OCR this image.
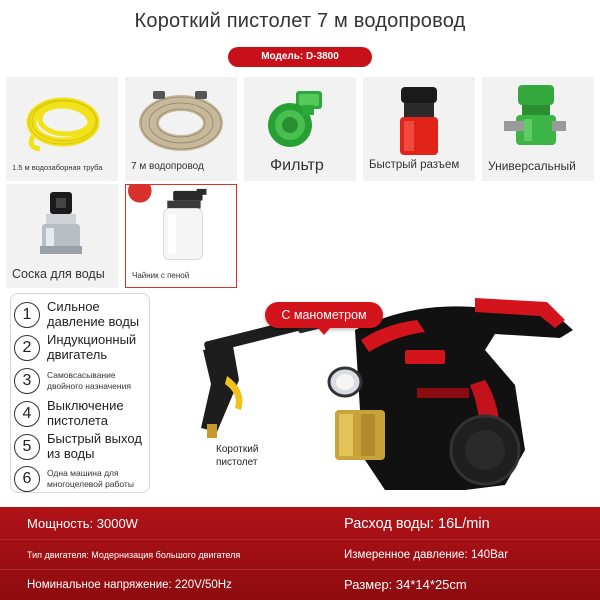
Короткий пистолет 7 м водопровод
Модель: D-3800
1.5 м водозаборная труба	7 м водопровод	Фильтр	Быстрый разъем	Универсальный
Соска для воды	Чайник с пеной
1	Сильное давление воды
2	Индукционный двигатель
3	Самовсасывание двойного назначения
4	Выключение пистолета
5	Быстрый выход из воды
6	Одна машина для многоцелевой работы
С манометром
Короткий
пистолет
Мощность: 3000W	Расход воды: 16L/min
Тип двигателя: Модернизация большого двигателя	Измеренное давление: 140Bar
Номинальное напряжение: 220V/50Hz	Размер: 34*14*25cm
